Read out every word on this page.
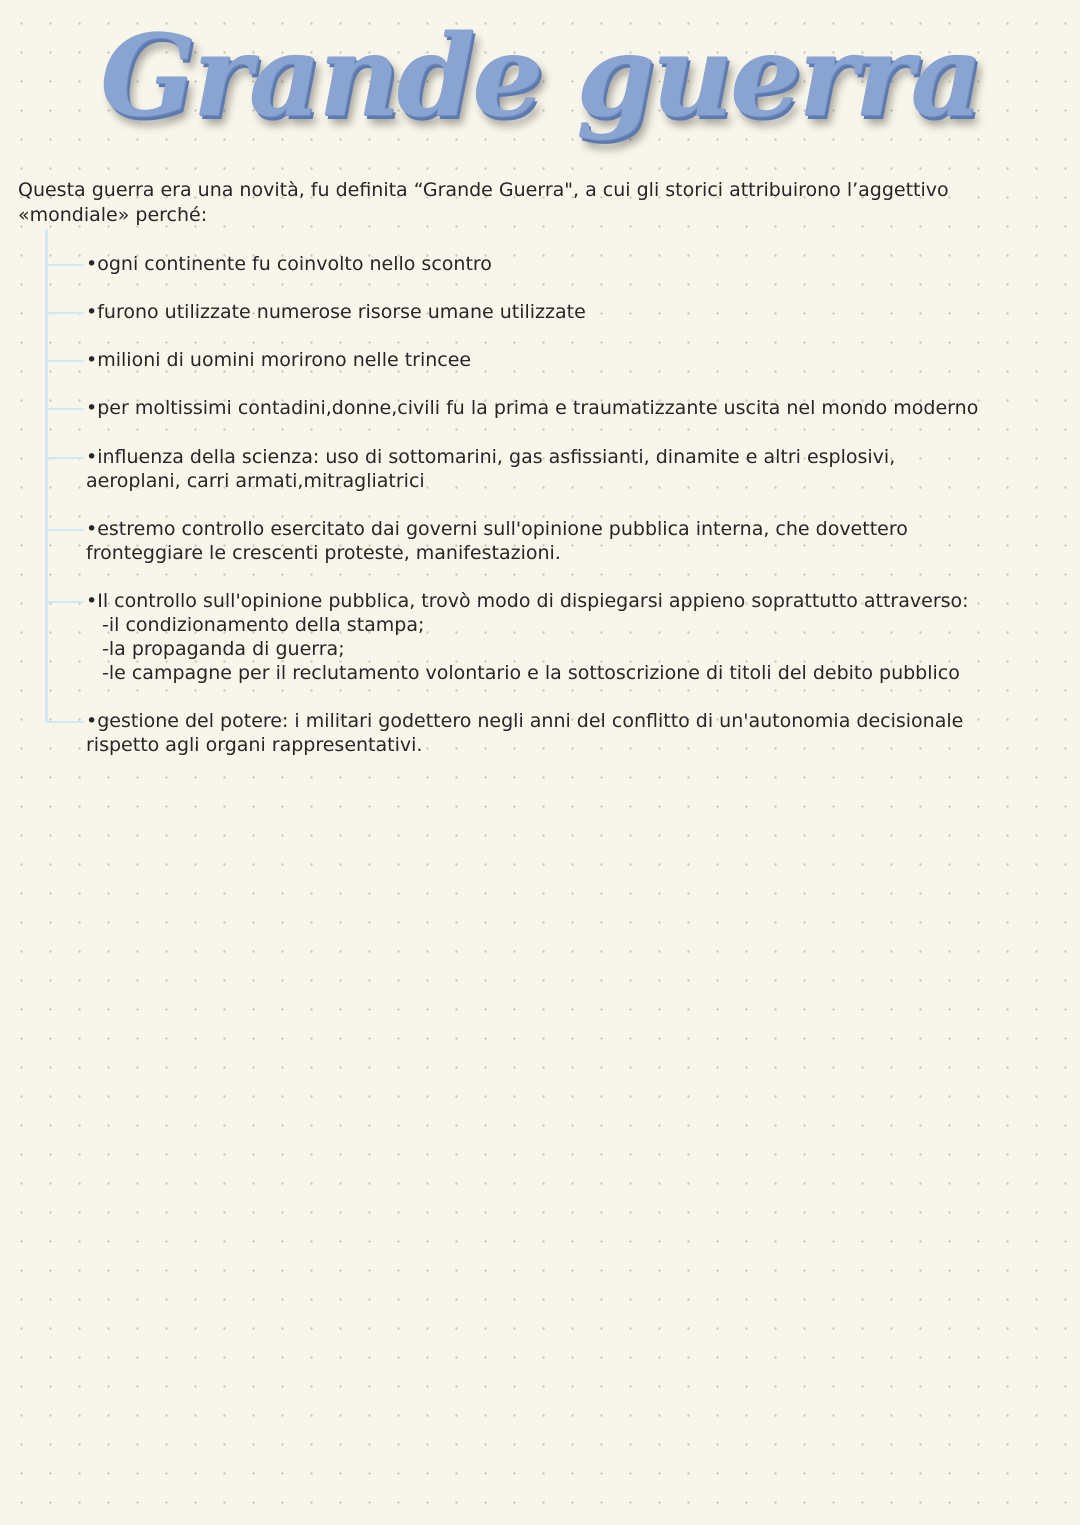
Grande guerra

Questa guerra era una novità, fu definita “Grande Guerra", a cui gli storici attribuirono l’aggettivo «mondiale» perché:

•ogni continente fu coinvolto nello scontro
•furono utilizzate numerose risorse umane utilizzate
•milioni di uomini morirono nelle trincee
•per moltissimi contadini,donne,civili fu la prima e traumatizzante uscita nel mondo moderno
•influenza della scienza: uso di sottomarini, gas asfissianti, dinamite e altri esplosivi, aeroplani, carri armati,mitragliatrici
•estremo controllo esercitato dai governi sull'opinione pubblica interna, che dovettero fronteggiare le crescenti proteste, manifestazioni.
•Il controllo sull'opinione pubblica, trovò modo di dispiegarsi appieno soprattutto attraverso:
-il condizionamento della stampa;
-la propaganda di guerra;
-le campagne per il reclutamento volontario e la sottoscrizione di titoli del debito pubblico
•gestione del potere: i militari godettero negli anni del conflitto di un'autonomia decisionale rispetto agli organi rappresentativi.
